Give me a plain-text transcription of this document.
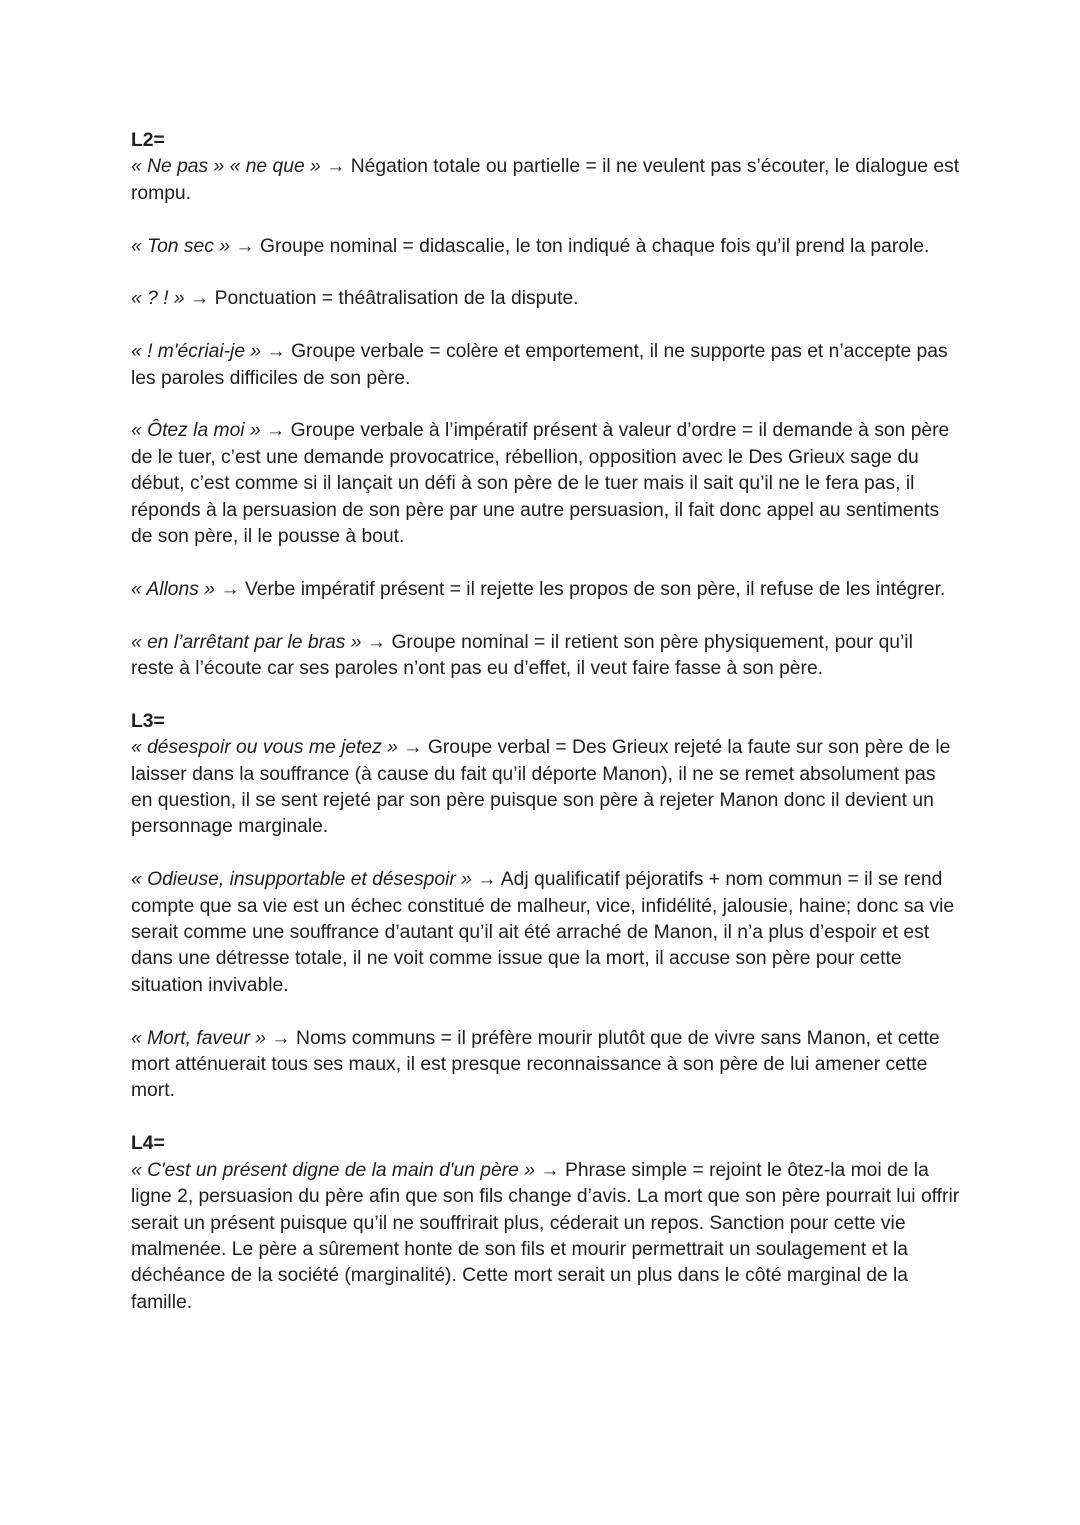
L2=

« Ne pas » « ne que » → Négation totale ou partielle = il ne veulent pas s’écouter, le dialogue est rompu.

« Ton sec » → Groupe nominal = didascalie, le ton indiqué à chaque fois qu’il prend la parole.

« ? ! » → Ponctuation = théâtralisation de la dispute.

« ! m'écriai-je » → Groupe verbale = colère et emportement, il ne supporte pas et n’accepte pas les paroles difficiles de son père.

« Ôtez la moi » → Groupe verbale à l’impératif présent à valeur d’ordre = il demande à son père de le tuer, c’est une demande provocatrice, rébellion, opposition avec le Des Grieux sage du début, c’est comme si il lançait un défi à son père de le tuer mais il sait qu’il ne le fera pas, il réponds à la persuasion de son père par une autre persuasion, il fait donc appel au sentiments de son père, il le pousse à bout.

« Allons » → Verbe impératif présent = il rejette les propos de son père, il refuse de les intégrer.

« en l’arrêtant par le bras » → Groupe nominal = il retient son père physiquement, pour qu’il reste à l’écoute car ses paroles n’ont pas eu d’effet, il veut faire fasse à son père.

L3=

« désespoir ou vous me jetez » → Groupe verbal = Des Grieux rejeté la faute sur son père de le laisser dans la souffrance (à cause du fait qu’il déporte Manon), il ne se remet absolument pas en question, il se sent rejeté par son père puisque son père à rejeter Manon donc il devient un personnage marginale.

« Odieuse, insupportable et désespoir » → Adj qualificatif péjoratifs + nom commun = il se rend compte que sa vie est un échec constitué de malheur, vice, infidélité, jalousie, haine; donc sa vie serait comme une souffrance d’autant qu’il ait été arraché de Manon, il n’a plus d’espoir et est dans une détresse totale, il ne voit comme issue que la mort, il accuse son père pour cette situation invivable.

« Mort, faveur » → Noms communs = il préfère mourir plutôt que de vivre sans Manon, et cette mort atténuerait tous ses maux, il est presque reconnaissance à son père de lui amener cette mort.

L4=

« C'est un présent digne de la main d'un père » → Phrase simple = rejoint le ôtez-la moi de la ligne 2, persuasion du père afin que son fils change d’avis. La mort que son père pourrait lui offrir serait un présent puisque qu’il ne souffrirait plus, céderait un repos. Sanction pour cette vie malmenée. Le père a sûrement honte de son fils et mourir permettrait un soulagement et la déchéance de la société (marginalité). Cette mort serait un plus dans le côté marginal de la famille.
